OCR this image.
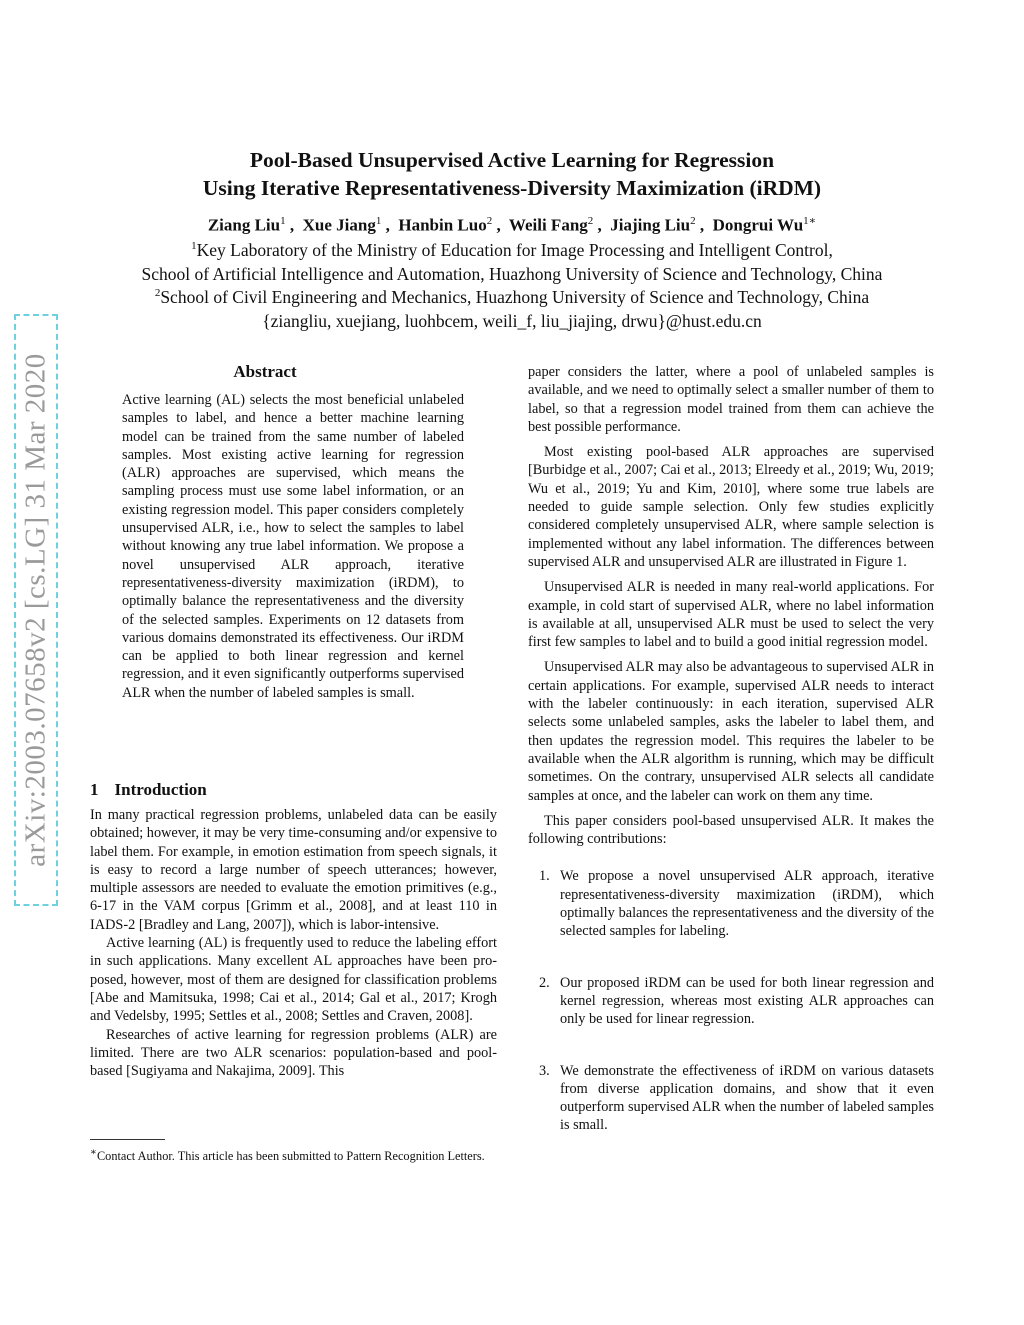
arXiv:2003.07658v2 [cs.LG] 31 Mar 2020
Pool-Based Unsupervised Active Learning for Regression
Using Iterative Representativeness-Diversity Maximization (iRDM)
Ziang Liu$^1$ ,  Xue Jiang$^1$ ,  Hanbin Luo$^2$ ,  Weili Fang$^2$ ,  Jiajing Liu$^2$ ,  Dongrui $Wu^{1∗}$
$^1$Key Laboratory of the Ministry of Education for Image Processing and Intelligent Control,
School of Artificial Intelligence and Automation, Huazhong University of Science and Technology, China
$^2$School of Civil Engineering and Mechanics, Huazhong University of Science and Technology, China
{ziangliu, xuejiang, luohbcem, weili_f, liu_jiajing, drwu}@hust.edu.cn
Abstract

Active learning (AL) selects the most beneficial unlabeled samples to label, and hence a better machine learning model can be trained from the same number of labeled samples. Most existing active learning for regression (ALR) approaches are supervised, which means the sampling process must use some label information, or an existing regression model. This paper considers completely unsupervised ALR, i.e., how to select the samples to label without knowing any true label information. We propose a novel unsupervised ALR approach, iterative representativeness-diversity maximization (iRDM), to optimally balance the representativeness and the diversity of the selected samples. Experiments on 12 datasets from various domains demonstrated its effectiveness. Our iRDM can be applied to both linear regression and kernel regression, and it even significantly outperforms supervised ALR when the number of labeled samples is small.

1 Introduction

In many practical regression problems, unlabeled data can be easily obtained; however, it may be very time-consuming and/or expensive to label them. For example, in emotion estimation from speech signals, it is easy to record a large number of speech utterances; however, multiple assessors are needed to evaluate the emotion primitives (e.g., 6-17 in the VAM corpus [Grimm et al., 2008], and at least 110 in IADS-2 [Bradley and Lang, 2007]), which is labor-intensive.

Active learning (AL) is frequently used to reduce the labeling effort in such applications. Many excellent AL approaches have been proposed, however, most of them are designed for classification problems [Abe and Mamitsuka, 1998; Cai et al., 2014; Gal et al., 2017; Krogh and Vedelsby, 1995; Settles et al., 2008; Settles and Craven, 2008].

Researches of active learning for regression problems (ALR) are limited. There are two ALR scenarios: population-based and pool-based [Sugiyama and Nakajima, 2009]. This

∗Contact Author. This article has been submitted to Pattern Recognition Letters.

paper considers the latter, where a pool of unlabeled samples is available, and we need to optimally select a smaller number of them to label, so that a regression model trained from them can achieve the best possible performance.

Most existing pool-based ALR approaches are supervised [Burbidge et al., 2007; Cai et al., 2013; Elreedy et al., 2019; Wu, 2019; Wu et al., 2019; Yu and Kim, 2010], where some true labels are needed to guide sample selection. Only few studies explicitly considered completely unsupervised ALR, where sample selection is implemented without any label information. The differences between supervised ALR and unsupervised ALR are illustrated in Figure 1.

Unsupervised ALR is needed in many real-world applications. For example, in cold start of supervised ALR, where no label information is available at all, unsupervised ALR must be used to select the very first few samples to label and to build a good initial regression model.

Unsupervised ALR may also be advantageous to supervised ALR in certain applications. For example, supervised ALR needs to interact with the labeler continuously: in each iteration, supervised ALR selects some unlabeled samples, asks the labeler to label them, and then updates the regression model. This requires the labeler to be available when the ALR algorithm is running, which may be difficult sometimes. On the contrary, unsupervised ALR selects all candidate samples at once, and the labeler can work on them any time.

This paper considers pool-based unsupervised ALR. It makes the following contributions:

1. We propose a novel unsupervised ALR approach, iterative representativeness-diversity maximization (iRDM), which optimally balances the representativeness and the diversity of the selected samples for labeling.
2. Our proposed iRDM can be used for both linear regression and kernel regression, whereas most existing ALR approaches can only be used for linear regression.
3. We demonstrate the effectiveness of iRDM on various datasets from diverse application domains, and show that it even outperform supervised ALR when the number of labeled samples is small.
